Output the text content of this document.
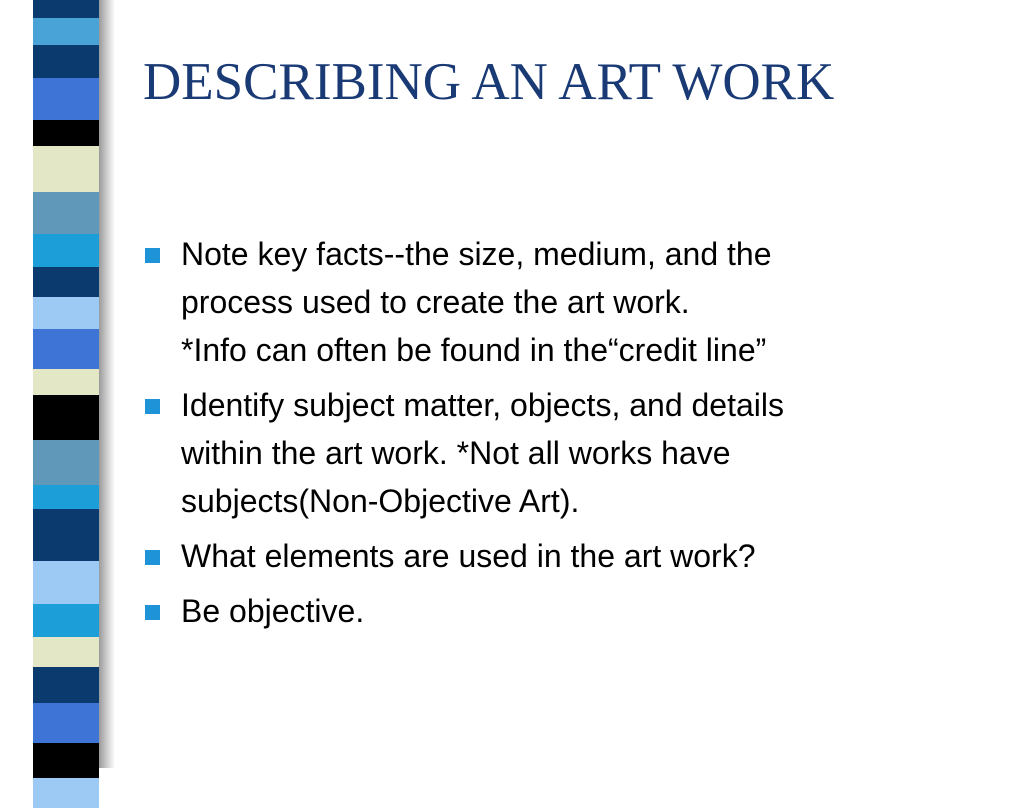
DESCRIBING AN ART WORK
Note key facts--the size, medium, and the
process used to create the art work.
*Info can often be found in the“credit line”
Identify subject matter, objects, and details
within the art work. *Not all works have
subjects(Non-Objective Art).
What elements are used in the art work?
Be objective.
